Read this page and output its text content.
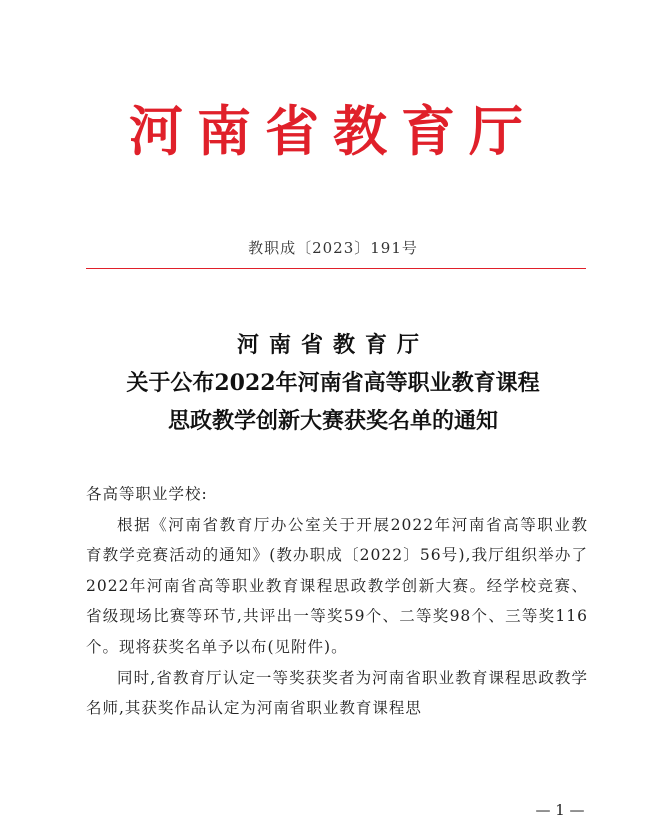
河南省教育厅
教职成〔2023〕191号
河南省教育厅
关于公布2022年河南省高等职业教育课程
思政教学创新大赛获奖名单的通知
各高等职业学校:
根据《河南省教育厅办公室关于开展2022年河南省高等职业教育教学竞赛活动的通知》(教办职成〔2022〕56号),我厅组织举办了2022年河南省高等职业教育课程思政教学创新大赛。经学校竞赛、省级现场比赛等环节,共评出一等奖59个、二等奖98个、三等奖116个。现将获奖名单予以布(见附件)。
同时,省教育厅认定一等奖获奖者为河南省职业教育课程思政教学名师,其获奖作品认定为河南省职业教育课程思
— 1 —
